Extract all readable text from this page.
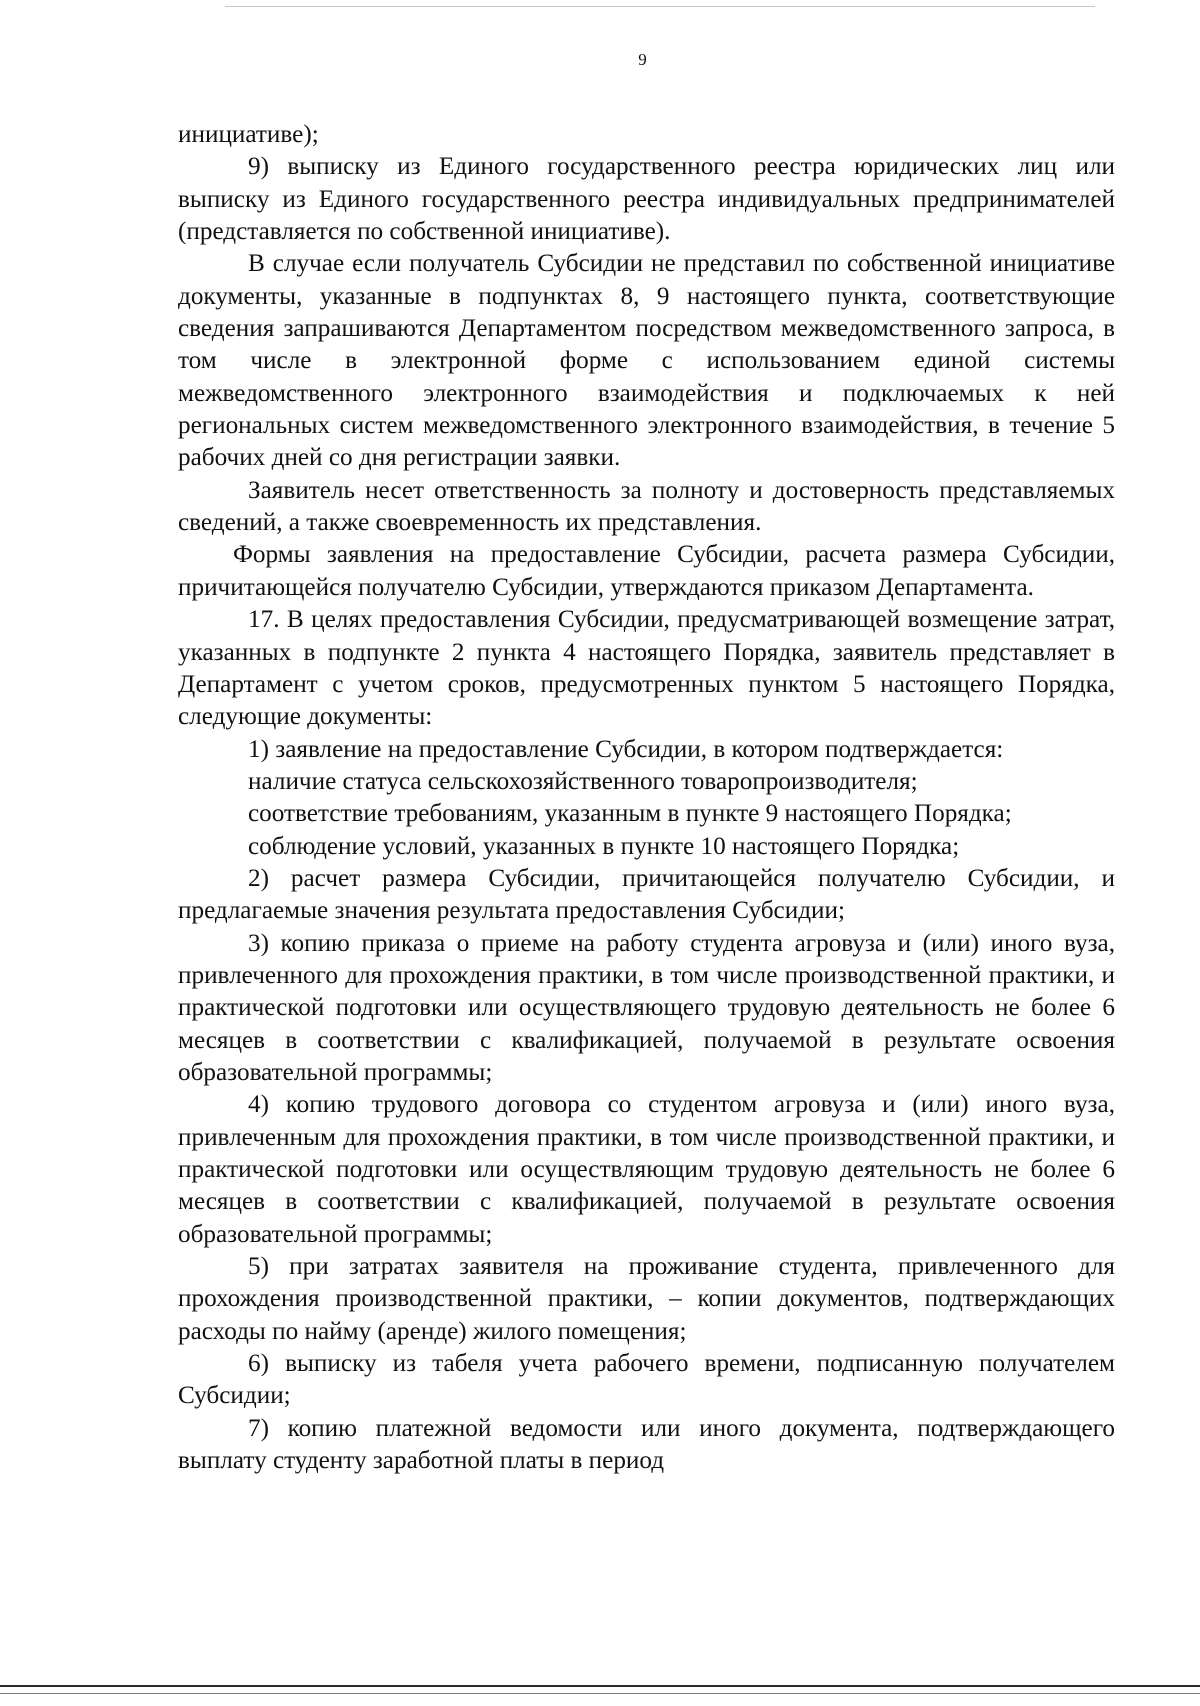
9

инициативе);

9) выписку из Единого государственного реестра юридических лиц или выписку из Единого государственного реестра индивидуальных предпринимателей (представляется по собственной инициативе).

В случае если получатель Субсидии не представил по собственной инициативе документы, указанные в подпунктах 8, 9 настоящего пункта, соответствующие сведения запрашиваются Департаментом посредством межведомственного запроса, в том числе в электронной форме с использованием единой системы межведомственного электронного взаимодействия и подключаемых к ней региональных систем межведомственного электронного взаимодействия, в течение 5 рабочих дней со дня регистрации заявки.

Заявитель несет ответственность за полноту и достоверность представляемых сведений, а также своевременность их представления.

Формы заявления на предоставление Субсидии, расчета размера Субсидии, причитающейся получателю Субсидии, утверждаются приказом Департамента.

17. В целях предоставления Субсидии, предусматривающей возмещение затрат, указанных в подпункте 2 пункта 4 настоящего Порядка, заявитель представляет в Департамент с учетом сроков, предусмотренных пунктом 5 настоящего Порядка, следующие документы:

1) заявление на предоставление Субсидии, в котором подтверждается:

наличие статуса сельскохозяйственного товаропроизводителя;

соответствие требованиям, указанным в пункте 9 настоящего Порядка;

соблюдение условий, указанных в пункте 10 настоящего Порядка;

2) расчет размера Субсидии, причитающейся получателю Субсидии, и предлагаемые значения результата предоставления Субсидии;

3) копию приказа о приеме на работу студента агровуза и (или) иного вуза, привлеченного для прохождения практики, в том числе производственной практики, и практической подготовки или осуществляющего трудовую деятельность не более 6 месяцев в соответствии с квалификацией, получаемой в результате освоения образовательной программы;

4) копию трудового договора со студентом агровуза и (или) иного вуза, привлеченным для прохождения практики, в том числе производственной практики, и практической подготовки или осуществляющим трудовую деятельность не более 6 месяцев в соответствии с квалификацией, получаемой в результате освоения образовательной программы;

5) при затратах заявителя на проживание студента, привлеченного для прохождения производственной практики, – копии документов, подтверждающих расходы по найму (аренде) жилого помещения;

6) выписку из табеля учета рабочего времени, подписанную получателем Субсидии;

7) копию платежной ведомости или иного документа, подтверждающего выплату студенту заработной платы в период
